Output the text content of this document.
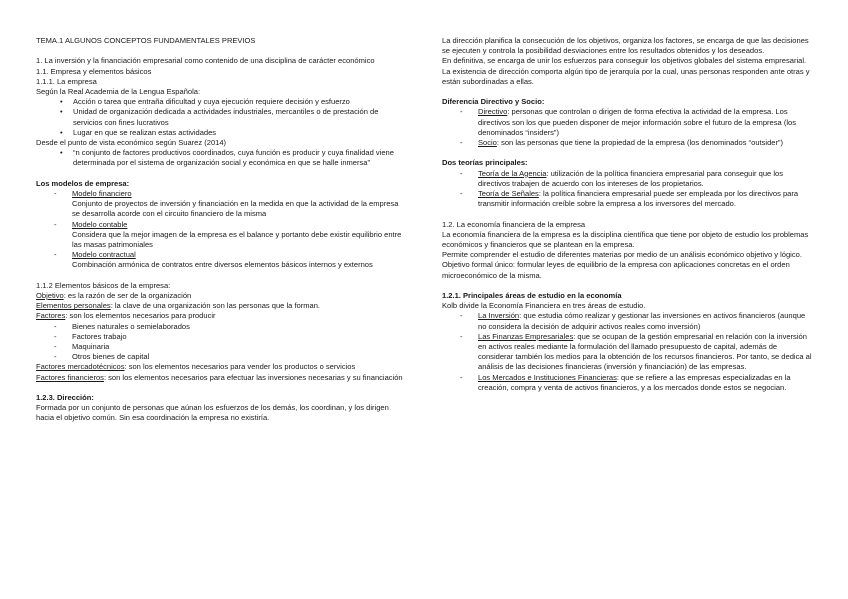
TEMA.1 ALGUNOS CONCEPTOS FUNDAMENTALES PREVIOS

1. La inversión y la financiación empresarial como contenido de una disciplina de carácter económico

1.1. Empresa y elementos básicos

1.1.1. La empresa

Según la Real Academia de la Lengua Española:

• Acción o tarea que entraña dificultad y cuya ejecución requiere decisión y esfuerzo
• Unidad de organización dedicada a actividades industriales, mercantiles o de prestación de servicios con fines lucrativos
• Lugar en que se realizan estas actividades

Desde el punto de vista económico según Suarez (2014)

• “n conjunto de factores productivos coordinados, cuya función es producir y cuya finalidad viene determinada por el sistema de organización social y económica en que se halle inmersa”

Los modelos de empresa:

- Modelo financiero

Conjunto de proyectos de inversión y financiación en la medida en que la actividad de la empresa se desarrolla acorde con el circuito financiero de la misma

- Modelo contable

Considera que la mejor imagen de la empresa es el balance y portanto debe existir equilibrio entre las masas patrimoniales

- Modelo contractual

Combinación armónica de contratos entre diversos elementos básicos internos y externos

1.1.2 Elementos básicos de la empresa:

Objetivo: es la razón de ser de la organización

Elementos personales: la clave de una organización son las personas que la forman.

Factores: son los elementos necesarios para producir

- Bienes naturales o semielaborados
- Factores trabajo
- Maquinaria
- Otros bienes de capital

Factores mercadotécnicos: son los elementos necesarios para vender los productos o servicios

Factores financieros: son los elementos necesarios para efectuar las inversiones necesarias y su financiación

1.2.3. Dirección:

Formada por un conjunto de personas que aúnan los esfuerzos de los demás, los coordinan, y los dirigen hacia el objetivo común. Sin esa coordinación la empresa no existiría.

La dirección planifica la consecución de los objetivos, organiza los factores, se encarga de que las decisiones se ejecuten y controla la posibilidad desviaciones entre los resultados obtenidos y los deseados.

En definitiva, se encarga de unir los esfuerzos para conseguir los objetivos globales del sistema empresarial. La existencia de dirección comporta algún tipo de jerarquía por la cual, unas personas responden ante otras y están subordinadas a ellas.

Diferencia Directivo y Socio:

- Directivo: personas que controlan o dirigen de forma efectiva la actividad de la empresa. Los directivos son los que pueden disponer de mejor información sobre el futuro de la empresa (los denominados “insiders”)
- Socio: son las personas que tiene la propiedad de la empresa (los denominados “outsider”)

Dos teorías principales:

- Teoría de la Agencia: utilización de la política financiera empresarial para conseguir que los directivos trabajen de acuerdo con los intereses de los propietarios.
- Teoría de Señales: la política financiera empresarial puede ser empleada por los directivos para transmitir información creíble sobre la empresa a los inversores del mercado.

1.2. La economía financiera de la empresa

La economía financiera de la empresa es la disciplina científica que tiene por objeto de estudio los problemas económicos y financieros que se plantean en la empresa.

Permite comprender el estudio de diferentes materias por medio de un análisis económico objetivo y lógico.

Objetivo formal único: formular leyes de equilibrio de la empresa con aplicaciones concretas en el orden microeconómico de la misma.

1.2.1. Principales áreas de estudio en la economía

Kolb divide la Economía Financiera en tres áreas de estudio.

- La Inversión: que estudia cómo realizar y gestionar las inversiones en activos financieros (aunque no considera la decisión de adquirir activos reales como inversión)
- Las Finanzas Empresariales: que se ocupan de la gestión empresarial en relación con la inversión en activos reales mediante la formulación del llamado presupuesto de capital, además de considerar también los medios para la obtención de los recursos financieros. Por tanto, se dedica al análisis de las decisiones financieras (inversión y financiación) de las empresas.
- Los Mercados e Instituciones Financieras: que se refiere a las empresas especializadas en la creación, compra y venta de activos financieros, y a los mercados donde estos se negocian.
